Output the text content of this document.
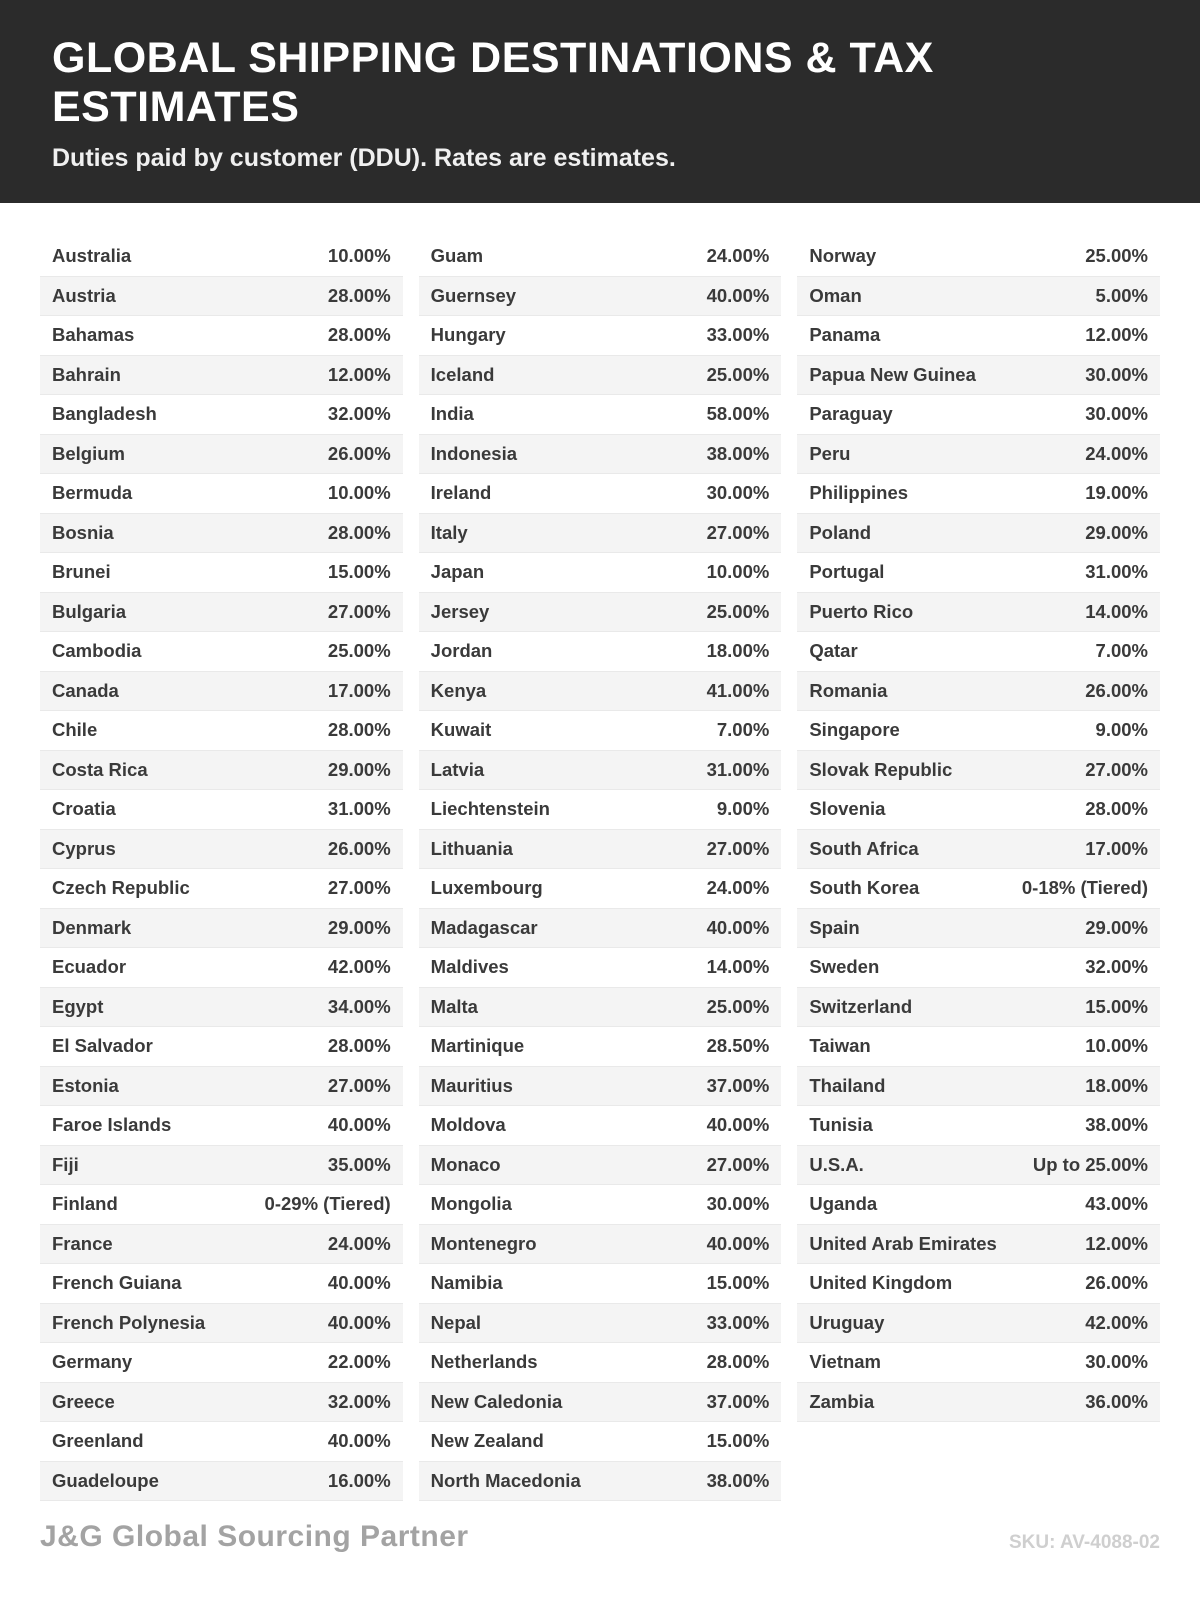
GLOBAL SHIPPING DESTINATIONS & TAX ESTIMATES
Duties paid by customer (DDU). Rates are estimates.
Australia	10.00%
Austria	28.00%
Bahamas	28.00%
Bahrain	12.00%
Bangladesh	32.00%
Belgium	26.00%
Bermuda	10.00%
Bosnia	28.00%
Brunei	15.00%
Bulgaria	27.00%
Cambodia	25.00%
Canada	17.00%
Chile	28.00%
Costa Rica	29.00%
Croatia	31.00%
Cyprus	26.00%
Czech Republic	27.00%
Denmark	29.00%
Ecuador	42.00%
Egypt	34.00%
El Salvador	28.00%
Estonia	27.00%
Faroe Islands	40.00%
Fiji	35.00%
Finland	0-29% (Tiered)
France	24.00%
French Guiana	40.00%
French Polynesia	40.00%
Germany	22.00%
Greece	32.00%
Greenland	40.00%
Guadeloupe	16.00%
Guam	24.00%
Guernsey	40.00%
Hungary	33.00%
Iceland	25.00%
India	58.00%
Indonesia	38.00%
Ireland	30.00%
Italy	27.00%
Japan	10.00%
Jersey	25.00%
Jordan	18.00%
Kenya	41.00%
Kuwait	7.00%
Latvia	31.00%
Liechtenstein	9.00%
Lithuania	27.00%
Luxembourg	24.00%
Madagascar	40.00%
Maldives	14.00%
Malta	25.00%
Martinique	28.50%
Mauritius	37.00%
Moldova	40.00%
Monaco	27.00%
Mongolia	30.00%
Montenegro	40.00%
Namibia	15.00%
Nepal	33.00%
Netherlands	28.00%
New Caledonia	37.00%
New Zealand	15.00%
North Macedonia	38.00%
Norway	25.00%
Oman	5.00%
Panama	12.00%
Papua New Guinea	30.00%
Paraguay	30.00%
Peru	24.00%
Philippines	19.00%
Poland	29.00%
Portugal	31.00%
Puerto Rico	14.00%
Qatar	7.00%
Romania	26.00%
Singapore	9.00%
Slovak Republic	27.00%
Slovenia	28.00%
South Africa	17.00%
South Korea	0-18% (Tiered)
Spain	29.00%
Sweden	32.00%
Switzerland	15.00%
Taiwan	10.00%
Thailand	18.00%
Tunisia	38.00%
U.S.A.	Up to 25.00%
Uganda	43.00%
United Arab Emirates	12.00%
United Kingdom	26.00%
Uruguay	42.00%
Vietnam	30.00%
Zambia	36.00%
J&G Global Sourcing Partner	SKU: AV-4088-02
